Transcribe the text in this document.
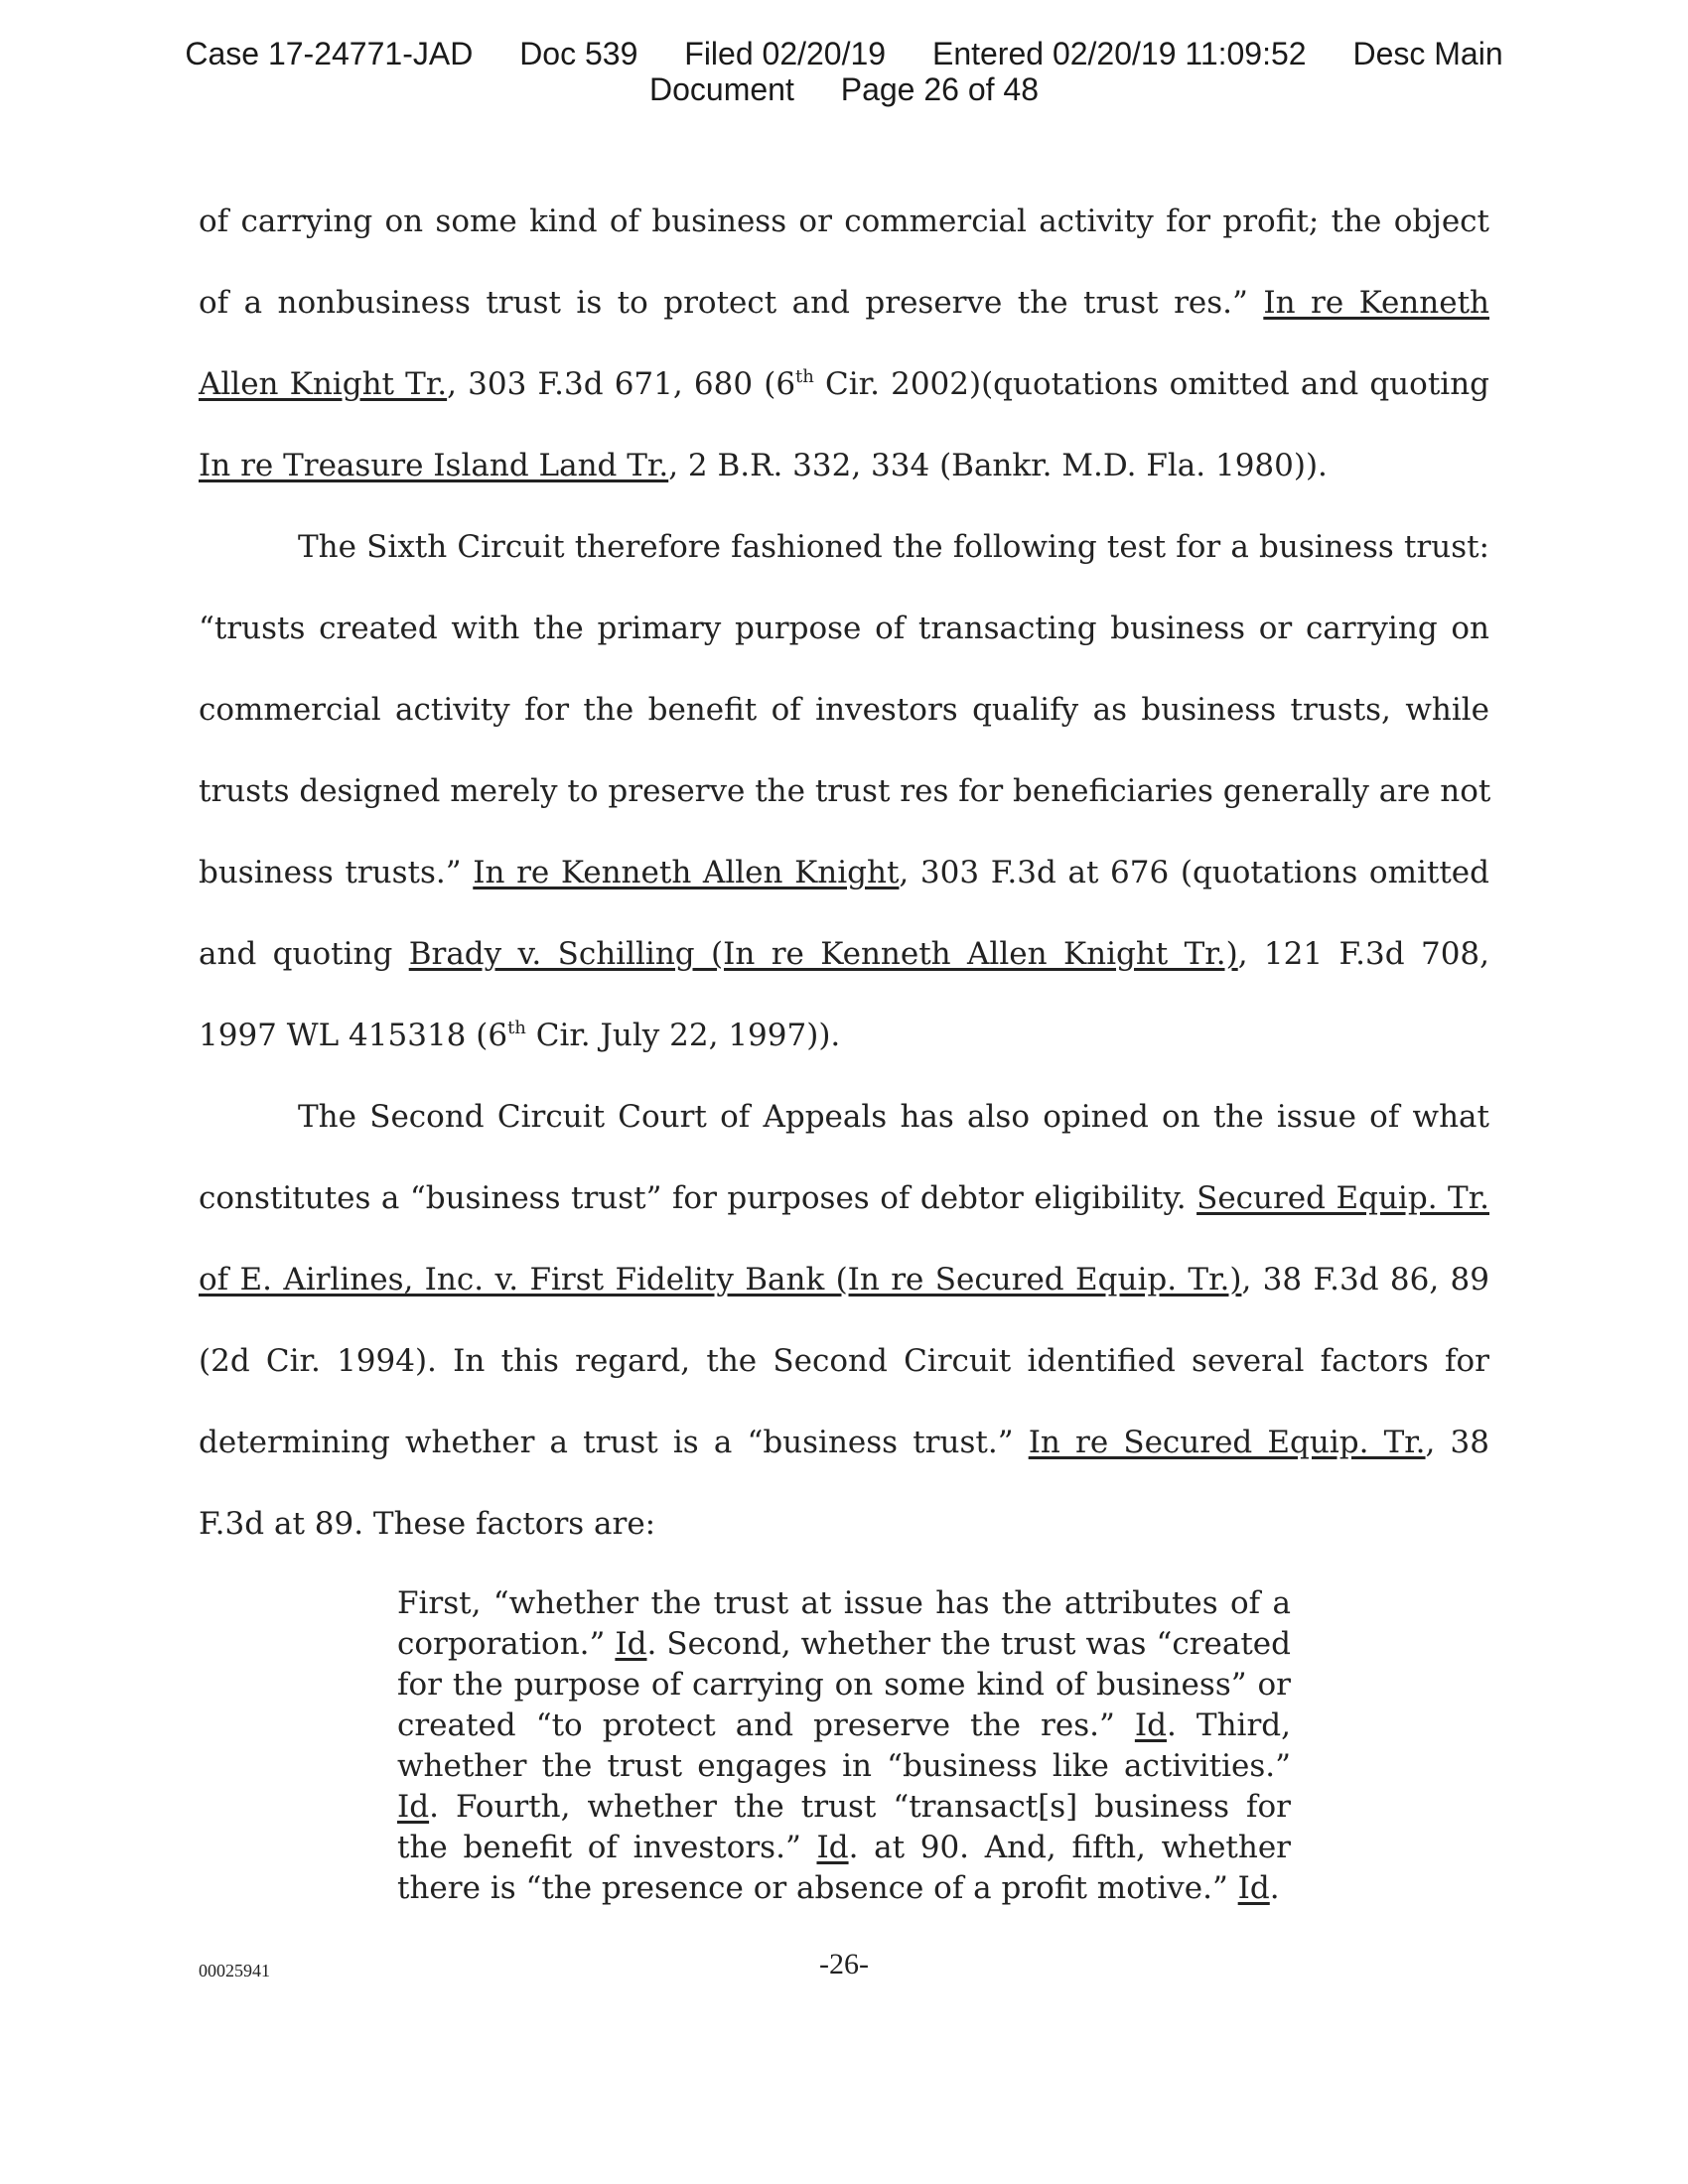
Case 17-24771-JAD Doc 539 Filed 02/20/19 Entered 02/20/19 11:09:52 Desc Main
Document Page 26 of 48
of carrying on some kind of business or commercial activity for profit; the object
of a nonbusiness trust is to protect and preserve the trust res.” In re Kenneth
Allen Knight Tr., 303 F.3d 671, 680 (6th Cir. 2002)(quotations omitted and quoting
In re Treasure Island Land Tr., 2 B.R. 332, 334 (Bankr. M.D. Fla. 1980)).
The Sixth Circuit therefore fashioned the following test for a business trust:
“trusts created with the primary purpose of transacting business or carrying on
commercial activity for the benefit of investors qualify as business trusts, while
trusts designed merely to preserve the trust res for beneficiaries generally are not
business trusts.” In re Kenneth Allen Knight, 303 F.3d at 676 (quotations omitted
and quoting Brady v. Schilling (In re Kenneth Allen Knight Tr.), 121 F.3d 708,
1997 WL 415318 (6th Cir. July 22, 1997)).
The Second Circuit Court of Appeals has also opined on the issue of what
constitutes a “business trust” for purposes of debtor eligibility. Secured Equip. Tr.
of E. Airlines, Inc. v. First Fidelity Bank (In re Secured Equip. Tr.), 38 F.3d 86, 89
(2d Cir. 1994). In this regard, the Second Circuit identified several factors for
determining whether a trust is a “business trust.” In re Secured Equip. Tr., 38
F.3d at 89. These factors are:
First, “whether the trust at issue has the attributes of a
corporation.” Id. Second, whether the trust was “created
for the purpose of carrying on some kind of business” or
created “to protect and preserve the res.” Id. Third,
whether the trust engages in “business like activities.”
Id. Fourth, whether the trust “transact[s] business for
the benefit of investors.” Id. at 90. And, fifth, whether
there is “the presence or absence of a profit motive.” Id.
00025941	-26-
